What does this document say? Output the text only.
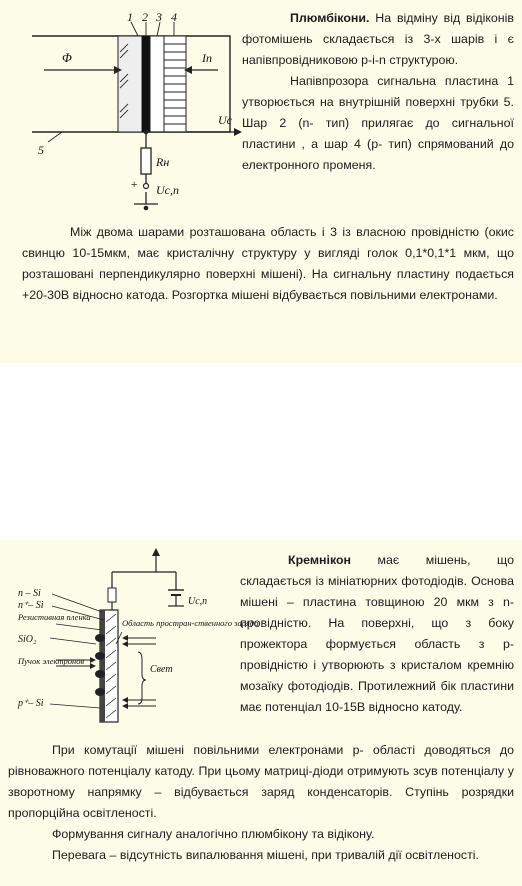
1 2 3 4
5
Φ	Iп
Uc
Rн
+ Uс,п
Плюмбікони. На відміну від відіконів фотомішень складається із 3-х шарів і є напівпровідниковою р-і-n структурою.
Напівпрозора сигнальна пластина 1 утворюється на внутрішній поверхні трубки 5. Шар 2 (n- тип) прилягає до сигнальної пластини , а шар 4 (р- тип) спрямований до електронного променя.
Між двома шарами розташована область і 3 із власною провідністю (окис свинцю 10-15мкм, має кристалічну структуру у вигляді голок 0,1*0,1*1 мкм, що розташовані перпендикулярно поверхні мішені). На сигнальну пластину подається +20-30В відносно катода. Розгортка мішені відбувається повільними електронами.
n – Si
n⁺– Si
Резистивная пленка
SiO₂
Пучок электронов
p⁺– Si
Область простран-ственного заряда
Свет
Uс,п
Кремнікон має мішень, що складається із мініатюрних фотодіодів. Основа мішені – пластина товщиною 20 мкм з n-провідністю. На поверхні, що з боку прожектора формується область з р- провідністю і утворюють з кристалом кремнію мозаїку фотодіодів. Протилежний бік пластини має потенціал 10-15В відносно катоду.
При комутації мішені повільними електронами р- області доводяться до рівноважного потенціалу катоду. При цьому матриці-діоди отримують зсув потенціалу у зворотному напрямку – відбувається заряд конденсаторів. Ступінь розрядки пропорційна освітленості.
Формування сигналу аналогічно плюмбікону та відікону.
Перевага – відсутність випалювання мішені, при тривалій дії освітленості.
